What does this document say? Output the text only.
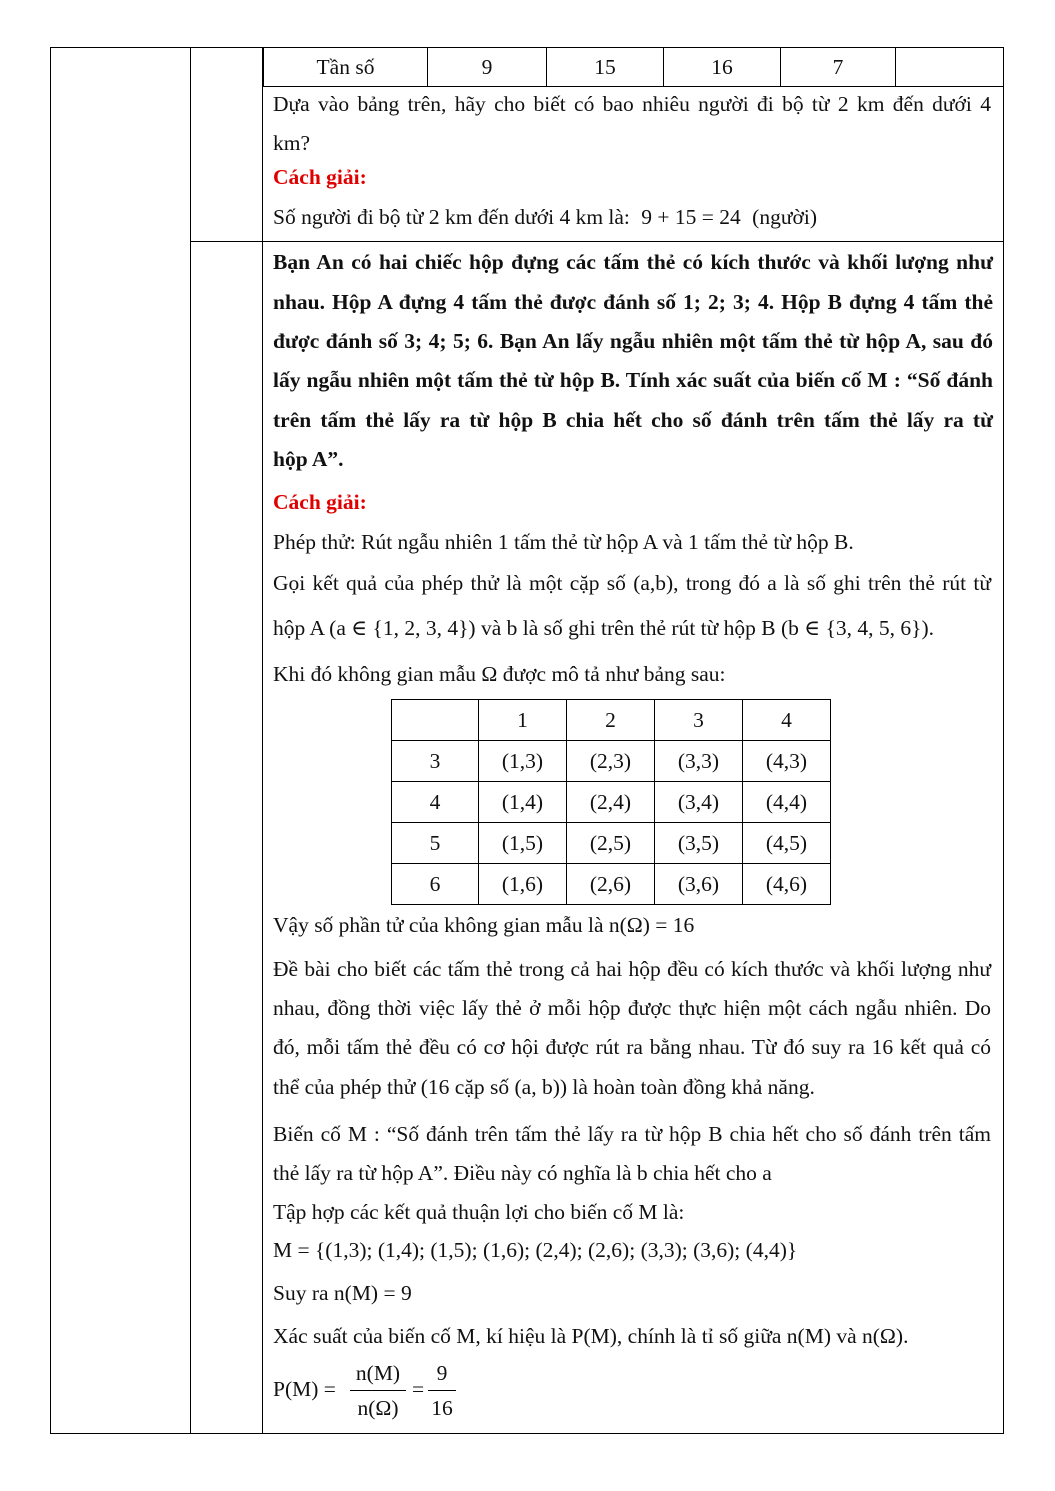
Tần số	9	15	16	7	
Dựa vào bảng trên, hãy cho biết có bao nhiêu người đi bộ từ 2 km đến dưới 4
km?
Cách giải:
Số người đi bộ từ 2 km đến dưới 4 km là: 9 + 15 = 24 (người)
Bạn An có hai chiếc hộp đựng các tấm thẻ có kích thước và khối lượng như
nhau. Hộp A đựng 4 tấm thẻ được đánh số 1; 2; 3; 4. Hộp B đựng 4 tấm thẻ
được đánh số 3; 4; 5; 6. Bạn An lấy ngẫu nhiên một tấm thẻ từ hộp A, sau đó
lấy ngẫu nhiên một tấm thẻ từ hộp B. Tính xác suất của biến cố M : “Số đánh
trên tấm thẻ lấy ra từ hộp B chia hết cho số đánh trên tấm thẻ lấy ra từ
hộp A”.
Cách giải:
Phép thử: Rút ngẫu nhiên 1 tấm thẻ từ hộp A và 1 tấm thẻ từ hộp B.
Gọi kết quả của phép thử là một cặp số (a,b), trong đó a là số ghi trên thẻ rút từ
hộp A (a ∈ {1, 2, 3, 4}) và b là số ghi trên thẻ rút từ hộp B (b ∈ {3, 4, 5, 6}).
Khi đó không gian mẫu Ω được mô tả như bảng sau:
	1	2	3	4
3	(1,3)	(2,3)	(3,3)	(4,3)
4	(1,4)	(2,4)	(3,4)	(4,4)
5	(1,5)	(2,5)	(3,5)	(4,5)
6	(1,6)	(2,6)	(3,6)	(4,6)
Vậy số phần tử của không gian mẫu là n(Ω) = 16
Đề bài cho biết các tấm thẻ trong cả hai hộp đều có kích thước và khối lượng như
nhau, đồng thời việc lấy thẻ ở mỗi hộp được thực hiện một cách ngẫu nhiên. Do
đó, mỗi tấm thẻ đều có cơ hội được rút ra bằng nhau. Từ đó suy ra 16 kết quả có
thể của phép thử (16 cặp số (a, b)) là hoàn toàn đồng khả năng.
Biến cố M : “Số đánh trên tấm thẻ lấy ra từ hộp B chia hết cho số đánh trên tấm
thẻ lấy ra từ hộp A”. Điều này có nghĩa là b chia hết cho a
Tập hợp các kết quả thuận lợi cho biến cố M là:
M = {(1,3); (1,4); (1,5); (1,6); (2,4); (2,6); (3,3); (3,6); (4,4)}
Suy ra n(M) = 9
Xác suất của biến cố M, kí hiệu là P(M), chính là tỉ số giữa n(M) và n(Ω).
P(M) =
n(M)
n(Ω)
=
9
16
